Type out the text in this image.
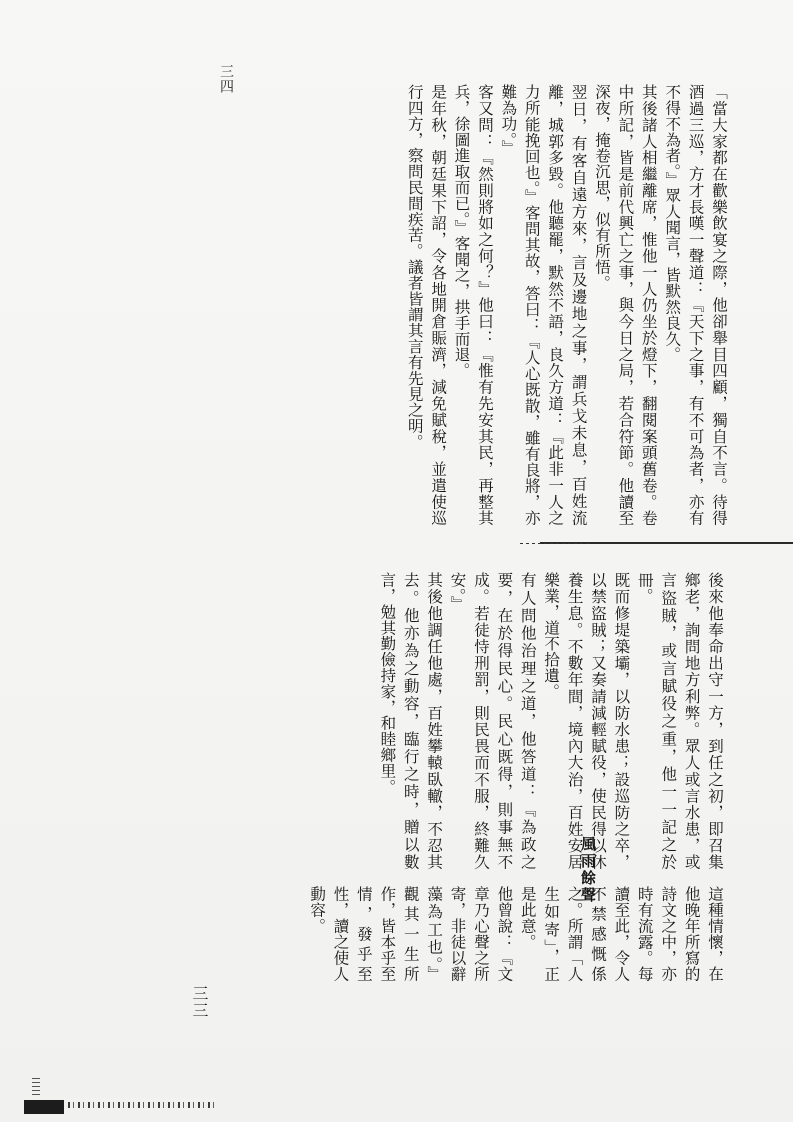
三四

「當大家都在歡樂飲宴之際，他卻舉目四顧，獨自不言。待得酒過三巡，方才長嘆一聲道：『天下之事，有不可為者，亦有不得不為者。』眾人聞言，皆默然良久。

其後諸人相繼離席，惟他一人仍坐於燈下，翻閱案頭舊卷。卷中所記，皆是前代興亡之事，與今日之局，若合符節。他讀至深夜，掩卷沉思，似有所悟。

翌日，有客自遠方來，言及邊地之事，謂兵戈未息，百姓流離，城郭多毀。他聽罷，默然不語，良久方道：『此非一人之力所能挽回也。』客問其故，答曰：『人心既散，雖有良將，亦難為功。』

客又問：『然則將如之何？』他曰：『惟有先安其民，再整其兵，徐圖進取而已。』客聞之，拱手而退。

是年秋，朝廷果下詔，令各地開倉賑濟，減免賦稅，並遣使巡行四方，察問民間疾苦。議者皆謂其言有先見之明。

後來他奉命出守一方，到任之初，即召集鄉老，詢問地方利弊。眾人或言水患，或言盜賊，或言賦役之重，他一一記之於冊。

既而修堤築壩，以防水患；設巡防之卒，以禁盜賊；又奏請減輕賦役，使民得以休養生息。不數年間，境內大治，百姓安居樂業，道不拾遺。

有人問他治理之道，他答道：『為政之要，在於得民心。民心既得，則事無不成。若徒恃刑罰，則民畏而不服，終難久安。』

其後他調任他處，百姓攀轅臥轍，不忍其去。他亦為之動容，臨行之時，贈以數言，勉其勤儉持家，和睦鄉里。

風雨餘聲

這種情懷，在他晚年所寫的詩文之中，亦時有流露。每讀至此，令人不禁感慨係之。所謂「人生如寄」，正是此意。

他曾說：『文章乃心聲之所寄，非徒以辭藻為工也。』觀其一生所作，皆本乎至情，發乎至性，讀之使人動容。

三三
